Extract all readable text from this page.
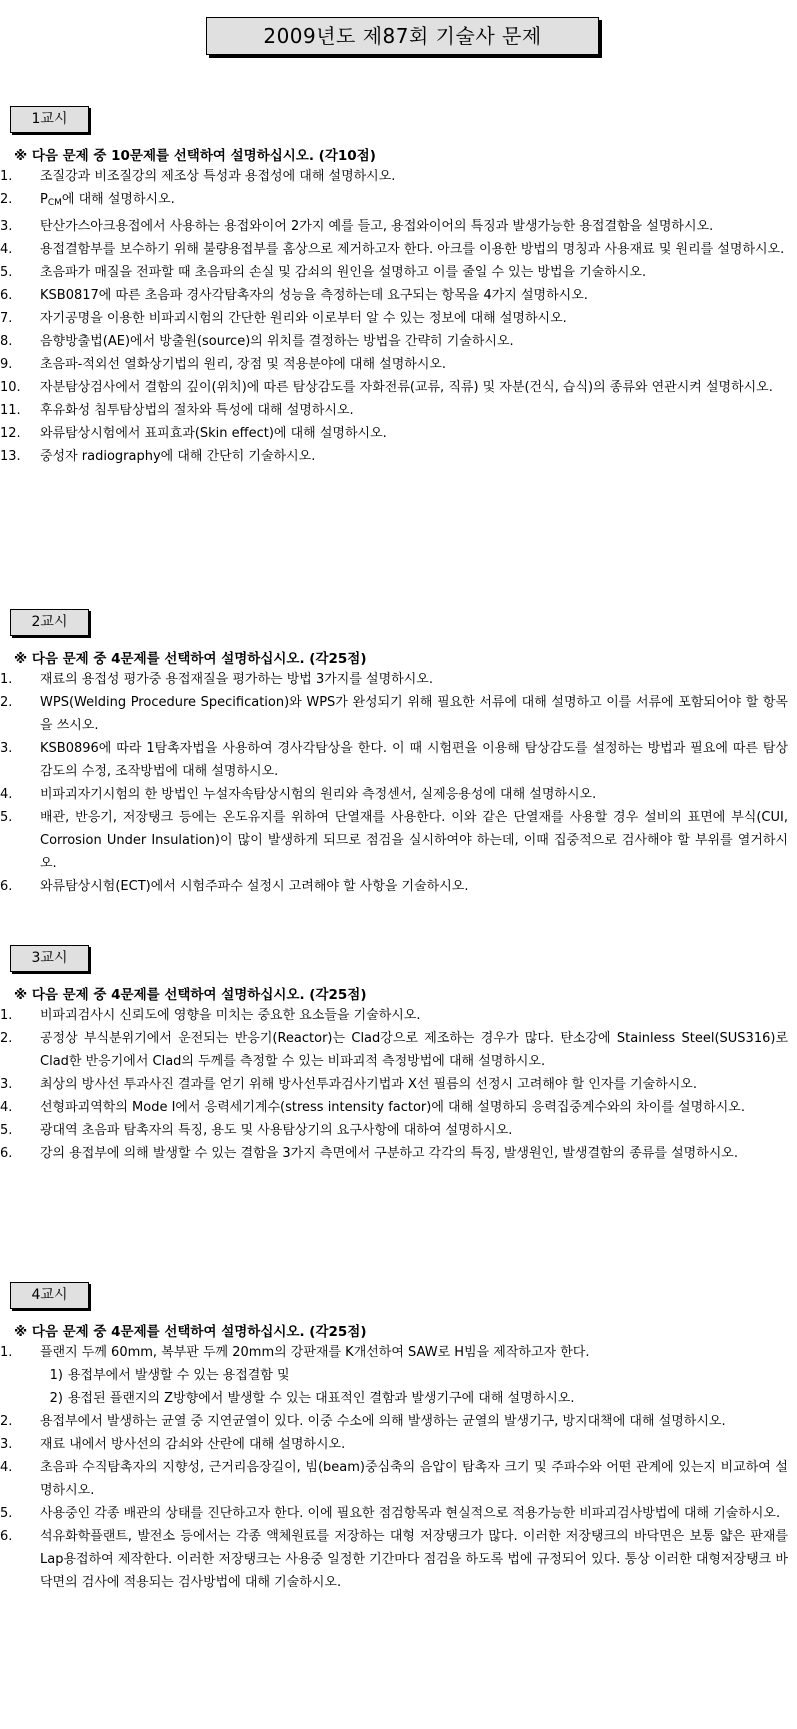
2009년도 제87회 기술사 문제
1교시
※ 다음 문제 중 10문제를 선택하여 설명하십시오. (각10점)
1.	조질강과 비조질강의 제조상 특성과 용접성에 대해 설명하시오.
2.	$P_{CM}$에 대해 설명하시오.
3.	탄산가스아크용접에서 사용하는 용접와이어 2가지 예를 들고, 용접와이어의 특징과 발생가능한 용접결함을 설명하시오.
4.	용접결함부를 보수하기 위해 불량용접부를 홈상으로 제거하고자 한다. 아크를 이용한 방법의 명칭과 사용재료 및 원리를 설명하시오.
5.	초음파가 매질을 전파할 때 초음파의 손실 및 감쇠의 원인을 설명하고 이를 줄일 수 있는 방법을 기술하시오.
6.	KSB0817에 따른 초음파 경사각탐촉자의 성능을 측정하는데 요구되는 항목을 4가지 설명하시오.
7.	자기공명을 이용한 비파괴시험의 간단한 원리와 이로부터 알 수 있는 정보에 대해 설명하시오.
8.	음향방출법(AE)에서 방출원(source)의 위치를 결정하는 방법을 간략히 기술하시오.
9.	초음파-적외선 열화상기법의 원리, 장점 및 적용분야에 대해 설명하시오.
10.	자분탐상검사에서 결함의 깊이(위치)에 따른 탐상감도를 자화전류(교류, 직류) 및 자분(건식, 습식)의 종류와 연관시켜 설명하시오.
11.	후유화성 침투탐상법의 절차와 특성에 대해 설명하시오.
12.	와류탐상시험에서 표피효과(Skin effect)에 대해 설명하시오.
13.	중성자 radiography에 대해 간단히 기술하시오.
2교시
※ 다음 문제 중 4문제를 선택하여 설명하십시오. (각25점)
1.	재료의 용접성 평가중 용접재질을 평가하는 방법 3가지를 설명하시오.
2.	WPS(Welding Procedure Specification)와 WPS가 완성되기 위해 필요한 서류에 대해 설명하고 이를 서류에 포함되어야 할 항목을 쓰시오.
3.	KSB0896에 따라 1탐촉자법을 사용하여 경사각탐상을 한다. 이 때 시험편을 이용해 탐상감도를 설정하는 방법과 필요에 따른 탐상감도의 수정, 조작방법에 대해 설명하시오.
4.	비파괴자기시험의 한 방법인 누설자속탐상시험의 원리와 측정센서, 실제응용성에 대해 설명하시오.
5.	배관, 반응기, 저장탱크 등에는 온도유지를 위하여 단열재를 사용한다. 이와 같은 단열재를 사용할 경우 설비의 표면에 부식(CUI, Corrosion Under Insulation)이 많이 발생하게 되므로 점검을 실시하여야 하는데, 이때 집중적으로 검사해야 할 부위를 열거하시오.
6.	와류탐상시험(ECT)에서 시험주파수 설정시 고려해야 할 사항을 기술하시오.
3교시
※ 다음 문제 중 4문제를 선택하여 설명하십시오. (각25점)
1.	비파괴검사시 신뢰도에 영향을 미치는 중요한 요소들을 기술하시오.
2.	공정상 부식분위기에서 운전되는 반응기(Reactor)는 Clad강으로 제조하는 경우가 많다. 탄소강에 Stainless Steel(SUS316)로 Clad한 반응기에서 Clad의 두께를 측정할 수 있는 비파괴적 측정방법에 대해 설명하시오.
3.	최상의 방사선 투과사진 결과를 얻기 위해 방사선투과검사기법과 X선 필름의 선정시 고려해야 할 인자를 기술하시오.
4.	선형파괴역학의 Mode I에서 응력세기계수(stress intensity factor)에 대해 설명하되 응력집중계수와의 차이를 설명하시오.
5.	광대역 초음파 탐촉자의 특징, 용도 및 사용탐상기의 요구사항에 대하여 설명하시오.
6.	강의 용접부에 의해 발생할 수 있는 결함을 3가지 측면에서 구분하고 각각의 특징, 발생원인, 발생결함의 종류를 설명하시오.
4교시
※ 다음 문제 중 4문제를 선택하여 설명하십시오. (각25점)
1.	플랜지 두께 60mm, 복부판 두께 20mm의 강판재를 K개선하여 SAW로 H빔을 제작하고자 한다.
1) 용접부에서 발생할 수 있는 용접결함 및
2) 용접된 플랜지의 Z방향에서 발생할 수 있는 대표적인 결함과 발생기구에 대해 설명하시오.
2.	용접부에서 발생하는 균열 중 지연균열이 있다. 이중 수소에 의해 발생하는 균열의 발생기구, 방지대책에 대해 설명하시오.
3.	재료 내에서 방사선의 감쇠와 산란에 대해 설명하시오.
4.	초음파 수직탐촉자의 지향성, 근거리음장길이, 빔(beam)중심축의 음압이 탐촉자 크기 및 주파수와 어떤 관계에 있는지 비교하여 설명하시오.
5.	사용중인 각종 배관의 상태를 진단하고자 한다. 이에 필요한 점검항목과 현실적으로 적용가능한 비파괴검사방법에 대해 기술하시오.
6.	석유화학플랜트, 발전소 등에서는 각종 액체원료를 저장하는 대형 저장탱크가 많다. 이러한 저장탱크의 바닥면은 보통 얇은 판재를 Lap용접하여 제작한다. 이러한 저장탱크는 사용중 일정한 기간마다 점검을 하도록 법에 규정되어 있다. 통상 이러한 대형저장탱크 바닥면의 검사에 적용되는 검사방법에 대해 기술하시오.
